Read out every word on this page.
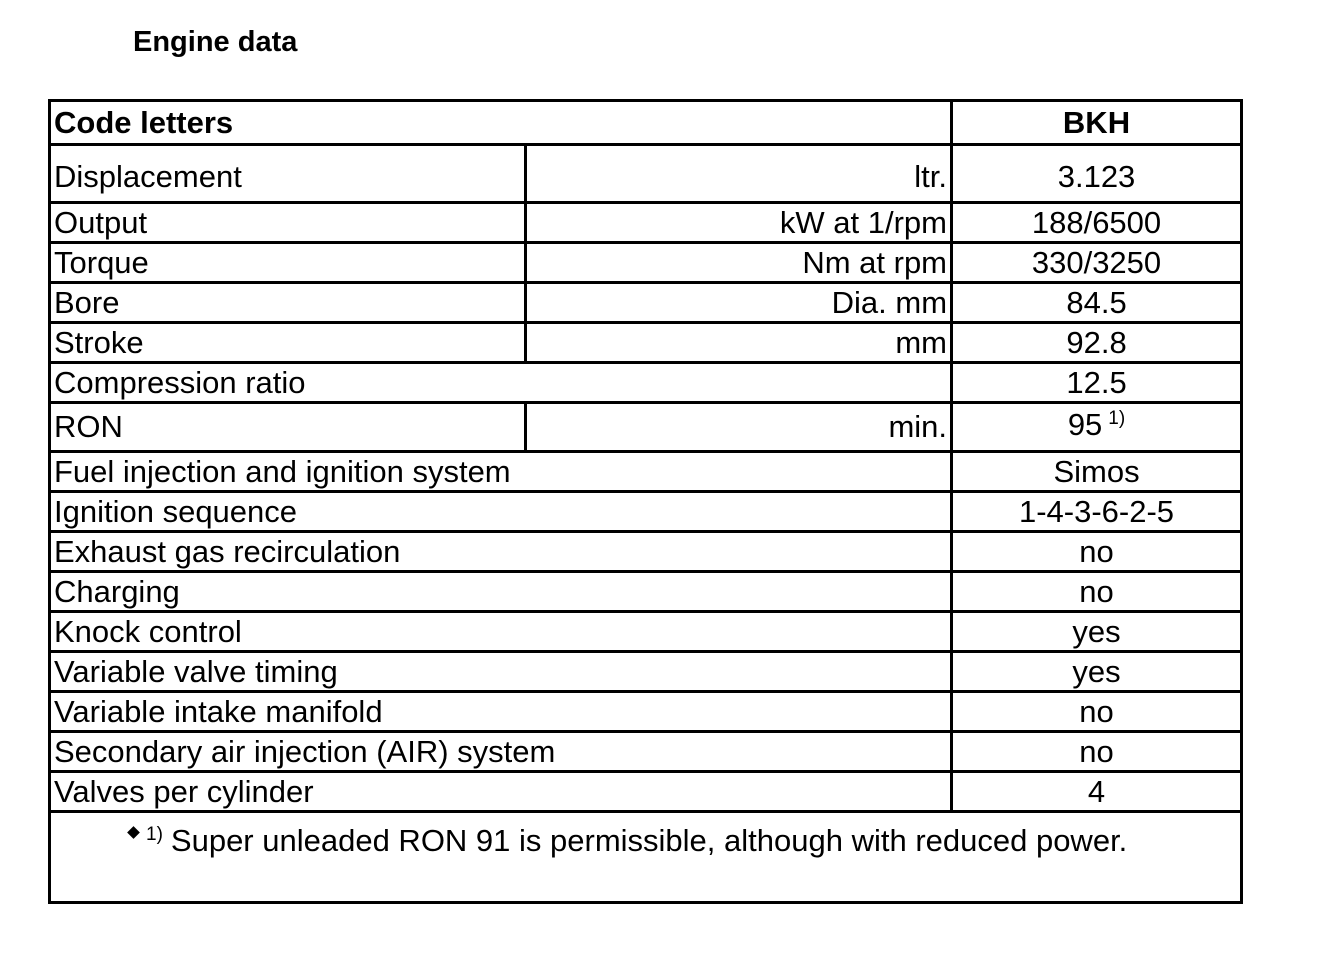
Engine data
Code letters		BKH
Displacement	ltr.	3.123
Output	kW at 1/rpm	188/6500
Torque	Nm at rpm	330/3250
Bore	Dia. mm	84.5
Stroke	mm	92.8
Compression ratio		12.5
RON	min.	95 $^{1)}$
Fuel injection and ignition system		Simos
Ignition sequence		1-4-3-6-2-5
Exhaust gas recirculation		no
Charging		no
Knock control		yes
Variable valve timing		yes
Variable intake manifold		no
Secondary air injection (AIR) system		no
Valves per cylinder		4
$^{1)}$ Super unleaded RON 91 is permissible, although with reduced power.		
